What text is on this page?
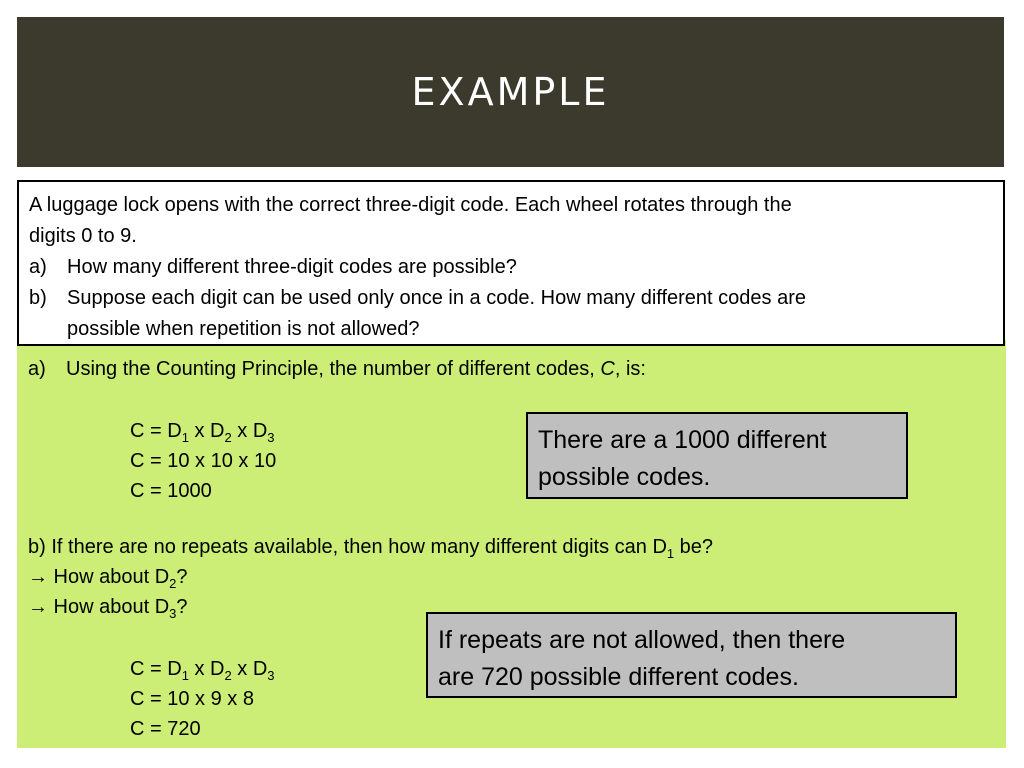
EXAMPLE
A luggage lock opens with the correct three-digit code. Each wheel rotates through the
digits 0 to 9.
a)	How many different three-digit codes are possible?
b)	Suppose each digit can be used only once in a code. How many different codes are
possible when repetition is not allowed?
a) Using the Counting Principle, the number of different codes, C, is:
$C = D_1$ x $D_2$ x $D_3$
C = 10 x 10 x 10
C = 1000
There are a 1000 different
possible codes.
b) If there are no repeats available, then how many different digits can $D_1$ be?
→ How about $D_2$?
→ How about $D_3$?
$C = D_1$ x $D_2$ x $D_3$
C = 10 x 9 x 8
C = 720
If repeats are not allowed, then there
are 720 possible different codes.
